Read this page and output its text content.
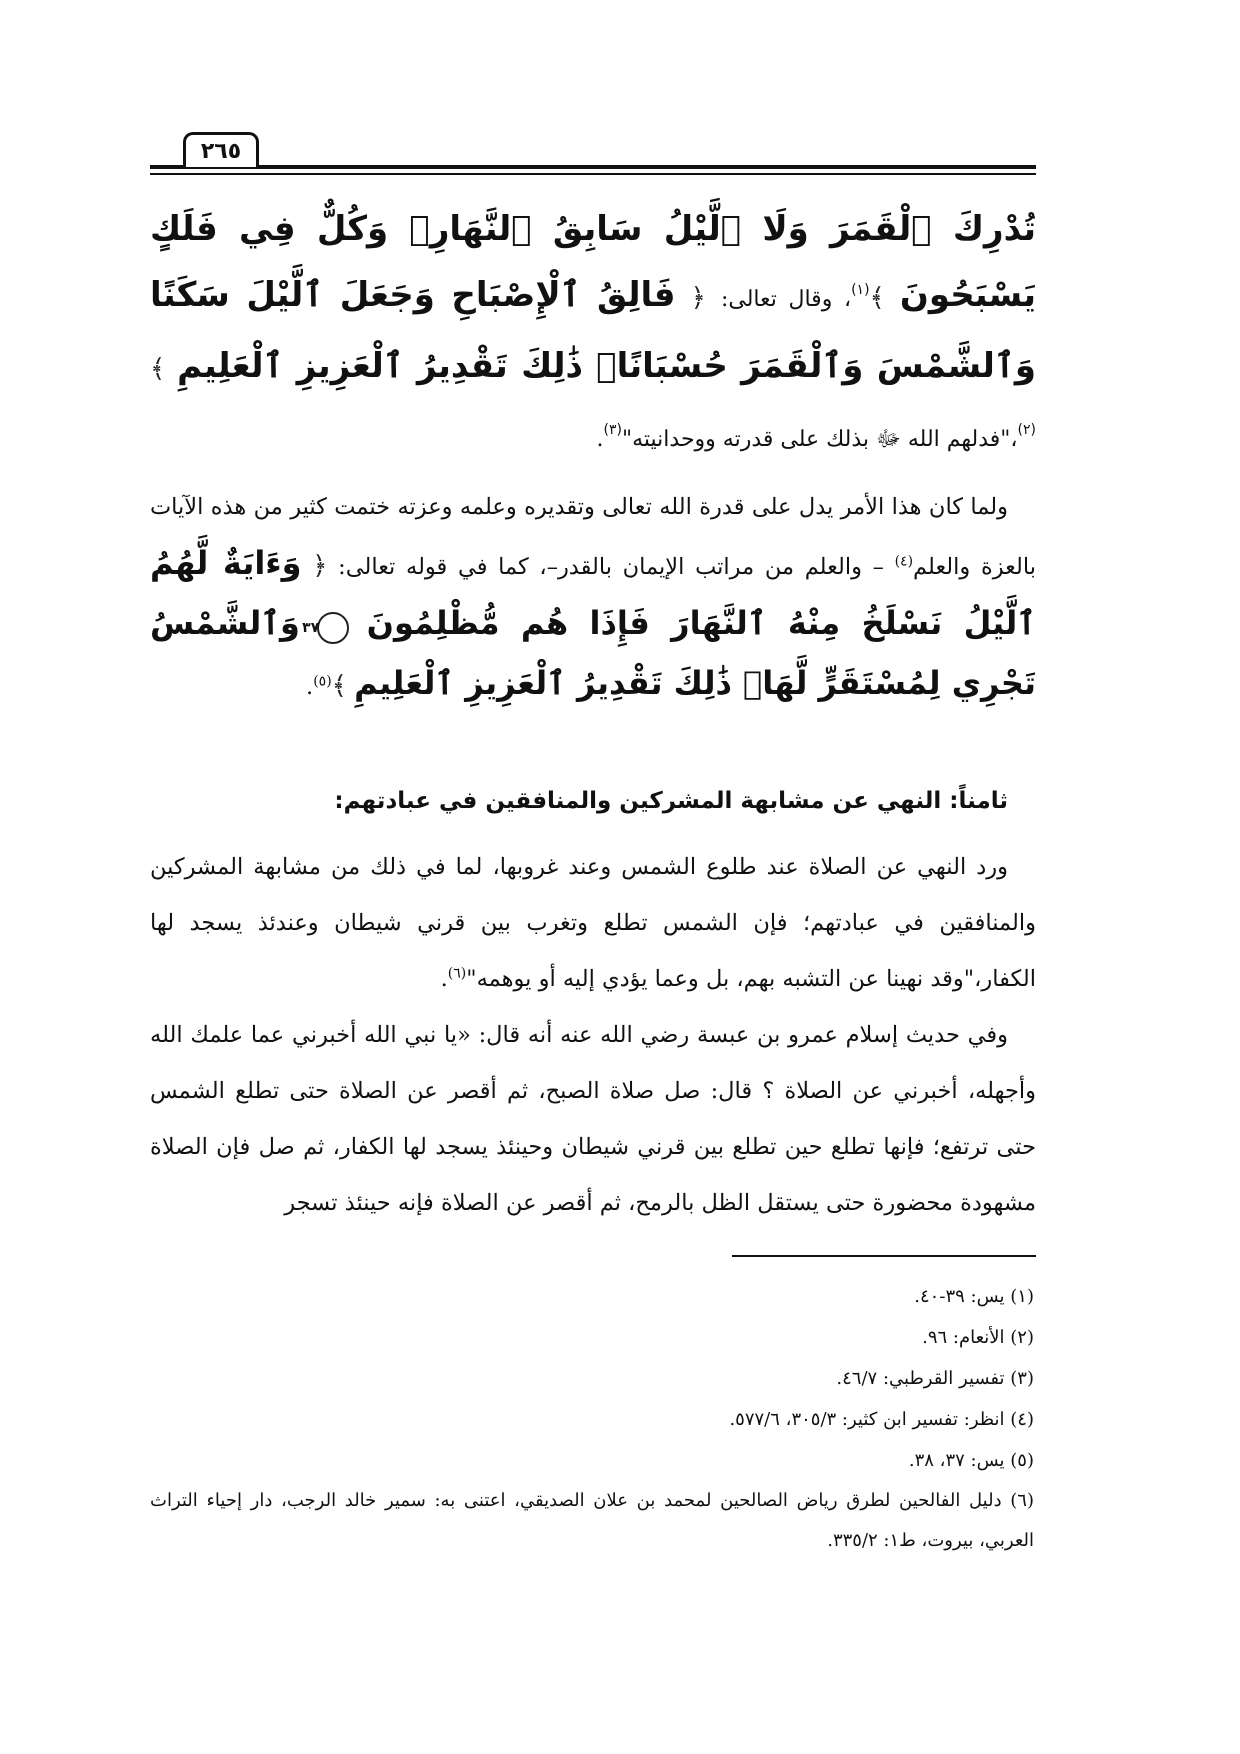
٢٦٥

تُدْرِكَ ٱلْقَمَرَ وَلَا ٱلَّيْلُ سَابِقُ ٱلنَّهَارِۚ وَكُلٌّ فِي فَلَكٍ يَسْبَحُونَ ﴾$^{(١)}$، وقال تعالى: ﴿ فَالِقُ ٱلْإِصْبَاحِ وَجَعَلَ ٱلَّيْلَ سَكَنًا وَٱلشَّمْسَ وَٱلْقَمَرَ حُسْبَانًاۚ ذَٰلِكَ تَقْدِيرُ ٱلْعَزِيزِ ٱلْعَلِيمِ ﴾$^{(٢)}$،"فدلهم الله ﷻ بذلك على قدرته ووحدانيته"$^{(٣)}$.

ولما كان هذا الأمر يدل على قدرة الله تعالى وتقديره وعلمه وعزته ختمت كثير من هذه الآيات بالعزة والعلم$^{(٤)}$ – والعلم من مراتب الإيمان بالقدر–، كما في قوله تعالى: ﴿ وَءَايَةٌ لَّهُمُ ٱلَّيْلُ نَسْلَخُ مِنْهُ ٱلنَّهَارَ فَإِذَا هُم مُّظْلِمُونَ ٣٧ وَٱلشَّمْسُ تَجْرِي لِمُسْتَقَرٍّ لَّهَاۚ ذَٰلِكَ تَقْدِيرُ ٱلْعَزِيزِ ٱلْعَلِيمِ ﴾$^{(٥)}$.

ثامناً: النهي عن مشابهة المشركين والمنافقين في عبادتهم:

ورد النهي عن الصلاة عند طلوع الشمس وعند غروبها، لما في ذلك من مشابهة المشركين والمنافقين في عبادتهم؛ فإن الشمس تطلع وتغرب بين قرني شيطان وعندئذ يسجد لها الكفار،"وقد نهينا عن التشبه بهم، بل وعما يؤدي إليه أو يوهمه"$^{(٦)}$.

وفي حديث إسلام عمرو بن عبسة رضي الله عنه أنه قال: «يا نبي الله أخبرني عما علمك الله وأجهله، أخبرني عن الصلاة ؟ قال: صل صلاة الصبح، ثم أقصر عن الصلاة حتى تطلع الشمس حتى ترتفع؛ فإنها تطلع حين تطلع بين قرني شيطان وحينئذ يسجد لها الكفار، ثم صل فإن الصلاة مشهودة محضورة حتى يستقل الظل بالرمح، ثم أقصر عن الصلاة فإنه حينئذ تسجر

(١) يس: ٣٩-٤٠.

(٢) الأنعام: ٩٦.

(٣) تفسير القرطبي: ٤٦/٧.

(٤) انظر: تفسير ابن كثير: ٣٠٥/٣، ٥٧٧/٦.

(٥) يس: ٣٧، ٣٨.

(٦) دليل الفالحين لطرق رياض الصالحين لمحمد بن علان الصديقي، اعتنى به: سمير خالد الرجب، دار إحياء التراث العربي، بيروت، ط١: ٣٣٥/٢.
